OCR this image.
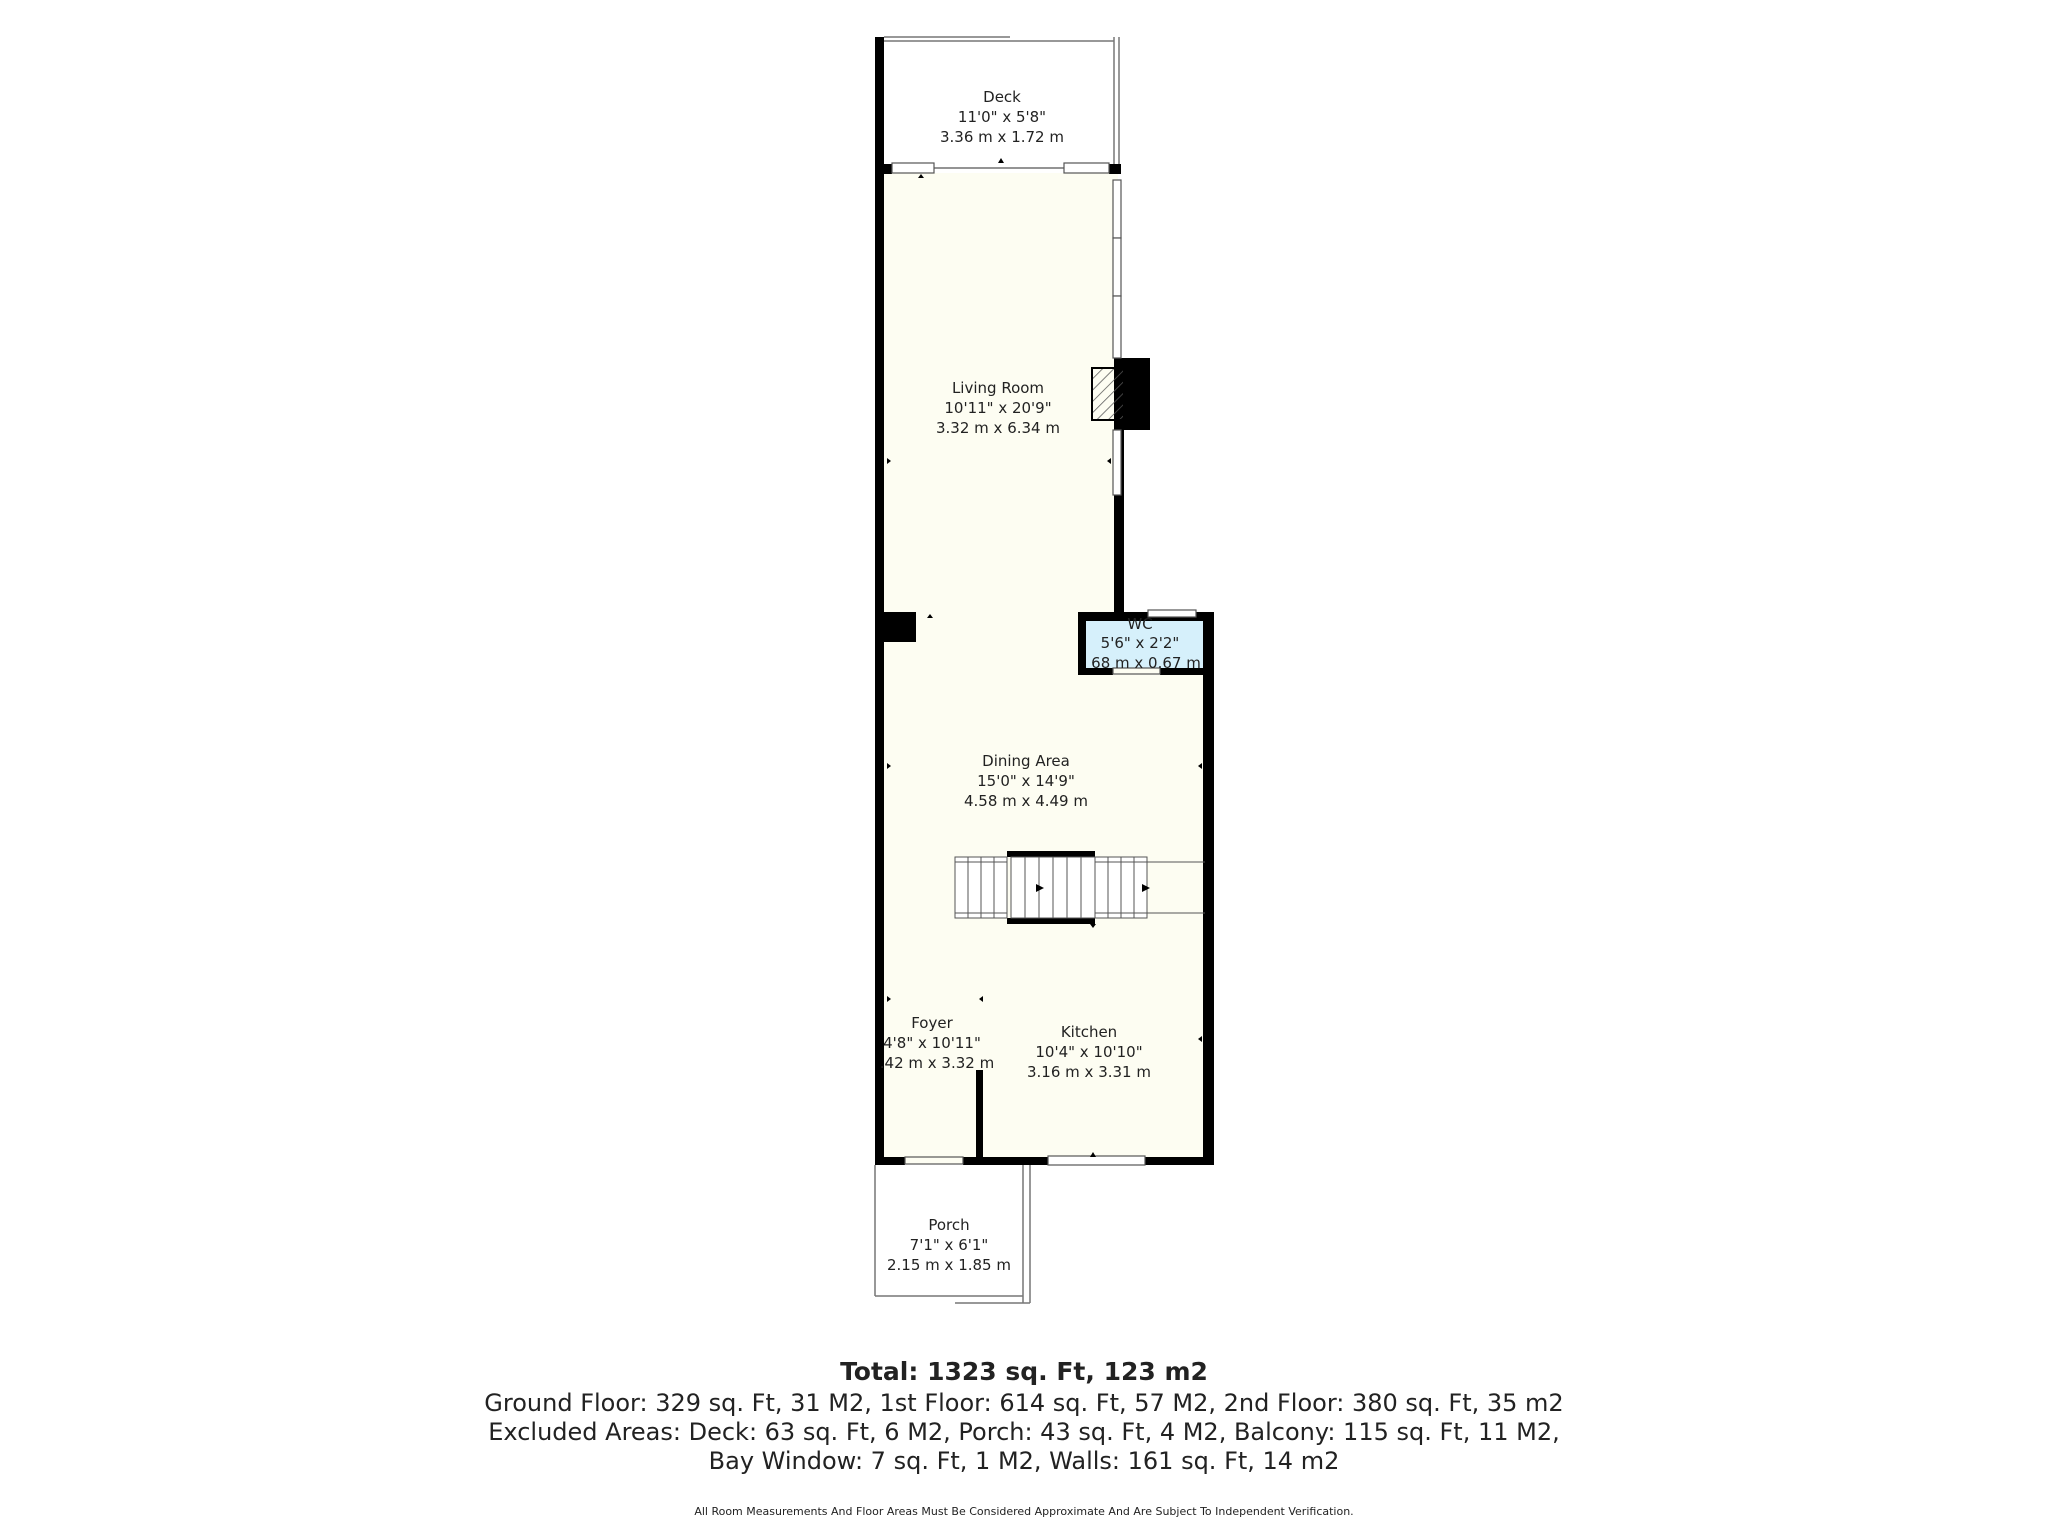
Deck
11'0" x 5'8"
3.36 m x 1.72 m
Living Room
10'11" x 20'9"
3.32 m x 6.34 m
WC
5'6" x 2'2"
68 m x 0.67 m
Dining Area
15'0" x 14'9"
4.58 m x 4.49 m
Foyer
4'8" x 10'11"
.42 m x 3.32 m
Kitchen
10'4" x 10'10"
3.16 m x 3.31 m
Porch
7'1" x 6'1"
2.15 m x 1.85 m
Total: 1323 sq. Ft, 123 m2
Ground Floor: 329 sq. Ft, 31 M2, 1st Floor: 614 sq. Ft, 57 M2, 2nd Floor: 380 sq. Ft, 35 m2
Excluded Areas: Deck: 63 sq. Ft, 6 M2, Porch: 43 sq. Ft, 4 M2, Balcony: 115 sq. Ft, 11 M2,
Bay Window: 7 sq. Ft, 1 M2, Walls: 161 sq. Ft, 14 m2
All Room Measurements And Floor Areas Must Be Considered Approximate And Are Subject To Independent Verification.
